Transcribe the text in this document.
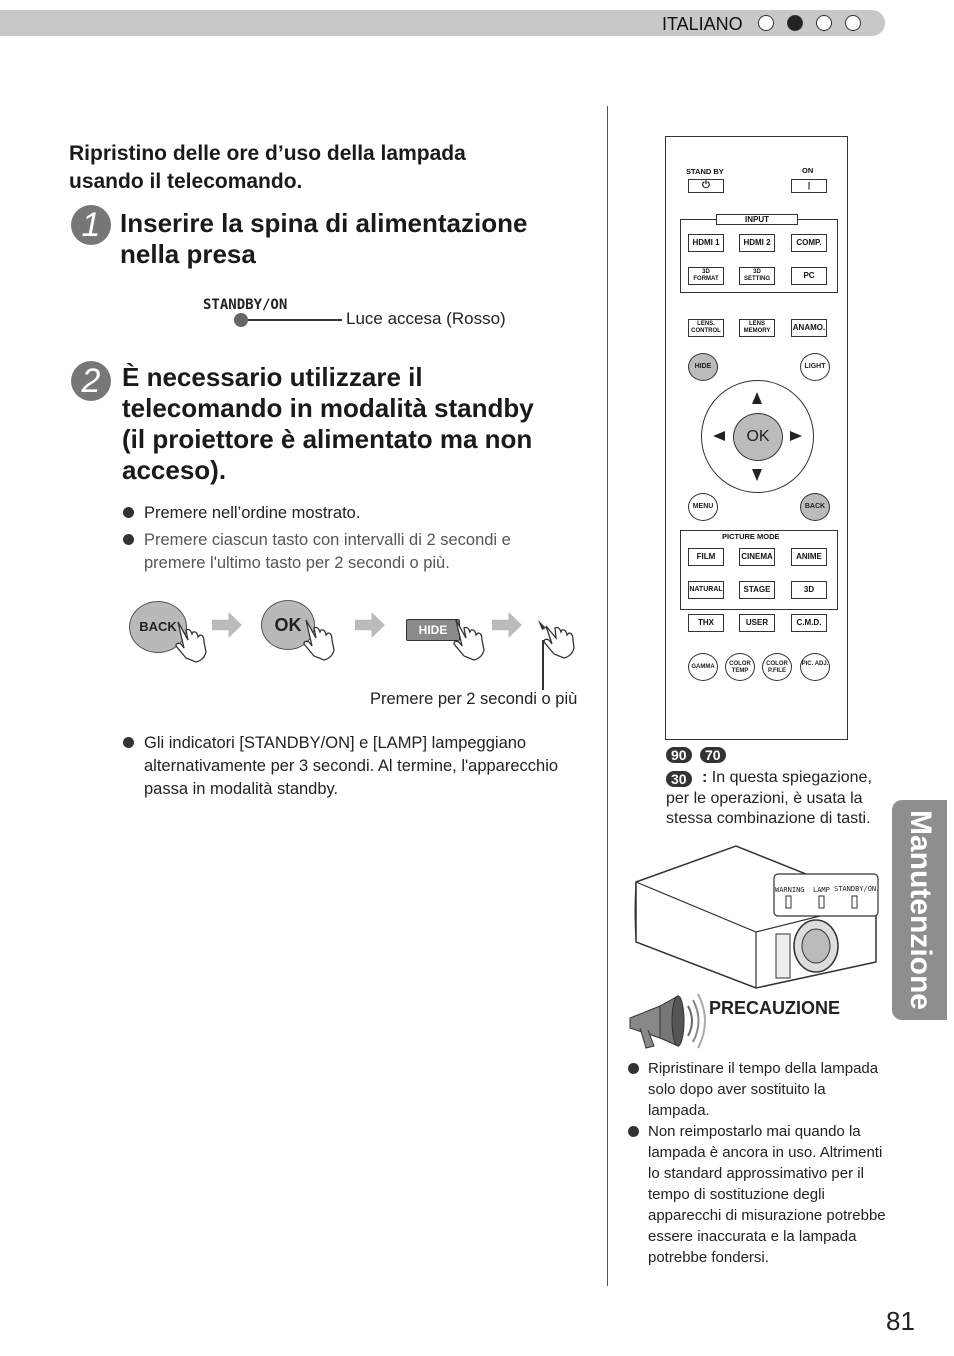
ITALIANO
Ripristino delle ore d’uso della lampada usando il telecomando.
1 Inserire la spina di alimentazione nella presa
STANDBY/ON
Luce accesa (Rosso)
2 È necessario utilizzare il telecomando in modalità standby (il proiettore è alimentato ma non acceso).
Premere nell’ordine mostrato.
Premere ciascun tasto con intervalli di 2 secondi e premere l'ultimo tasto per 2 secondi o più.
BACK	OK	HIDE
Premere per 2 secondi o più
Gli indicatori [STANDBY/ON] e [LAMP] lampeggiano alternativamente per 3 secondi. Al termine, l'apparecchio passa in modalità standby.
STAND BY	ON
⏻	|
INPUT
HDMI 1	HDMI 2	COMP.
3D FORMAT
3D SETTING	PC
LENS. CONTROL
LENS MEMORY	ANAMO.
HIDE	LIGHT
OK
MENU	BACK
PICTURE MODE
FILM	CINEMA	ANIME
NATURAL	STAGE	3D
THX	USER	C.M.D.
GAMMA	COLOR TEMP
COLOR P.FILE
PIC. ADJ.
90	70
30 : In questa spiegazione, per le operazioni, è usata la stessa combinazione di tasti.
WARNING LAMP STANDBY/ON
PRECAUZIONE
Ripristinare il tempo della lampada solo dopo aver sostituito la lampada.
Non reimpostarlo mai quando la lampada è ancora in uso. Altrimenti lo standard approssimativo per il tempo di sostituzione degli apparecchi di misurazione potrebbe essere inaccurata e la lampada potrebbe fondersi.
Manutenzione
81
